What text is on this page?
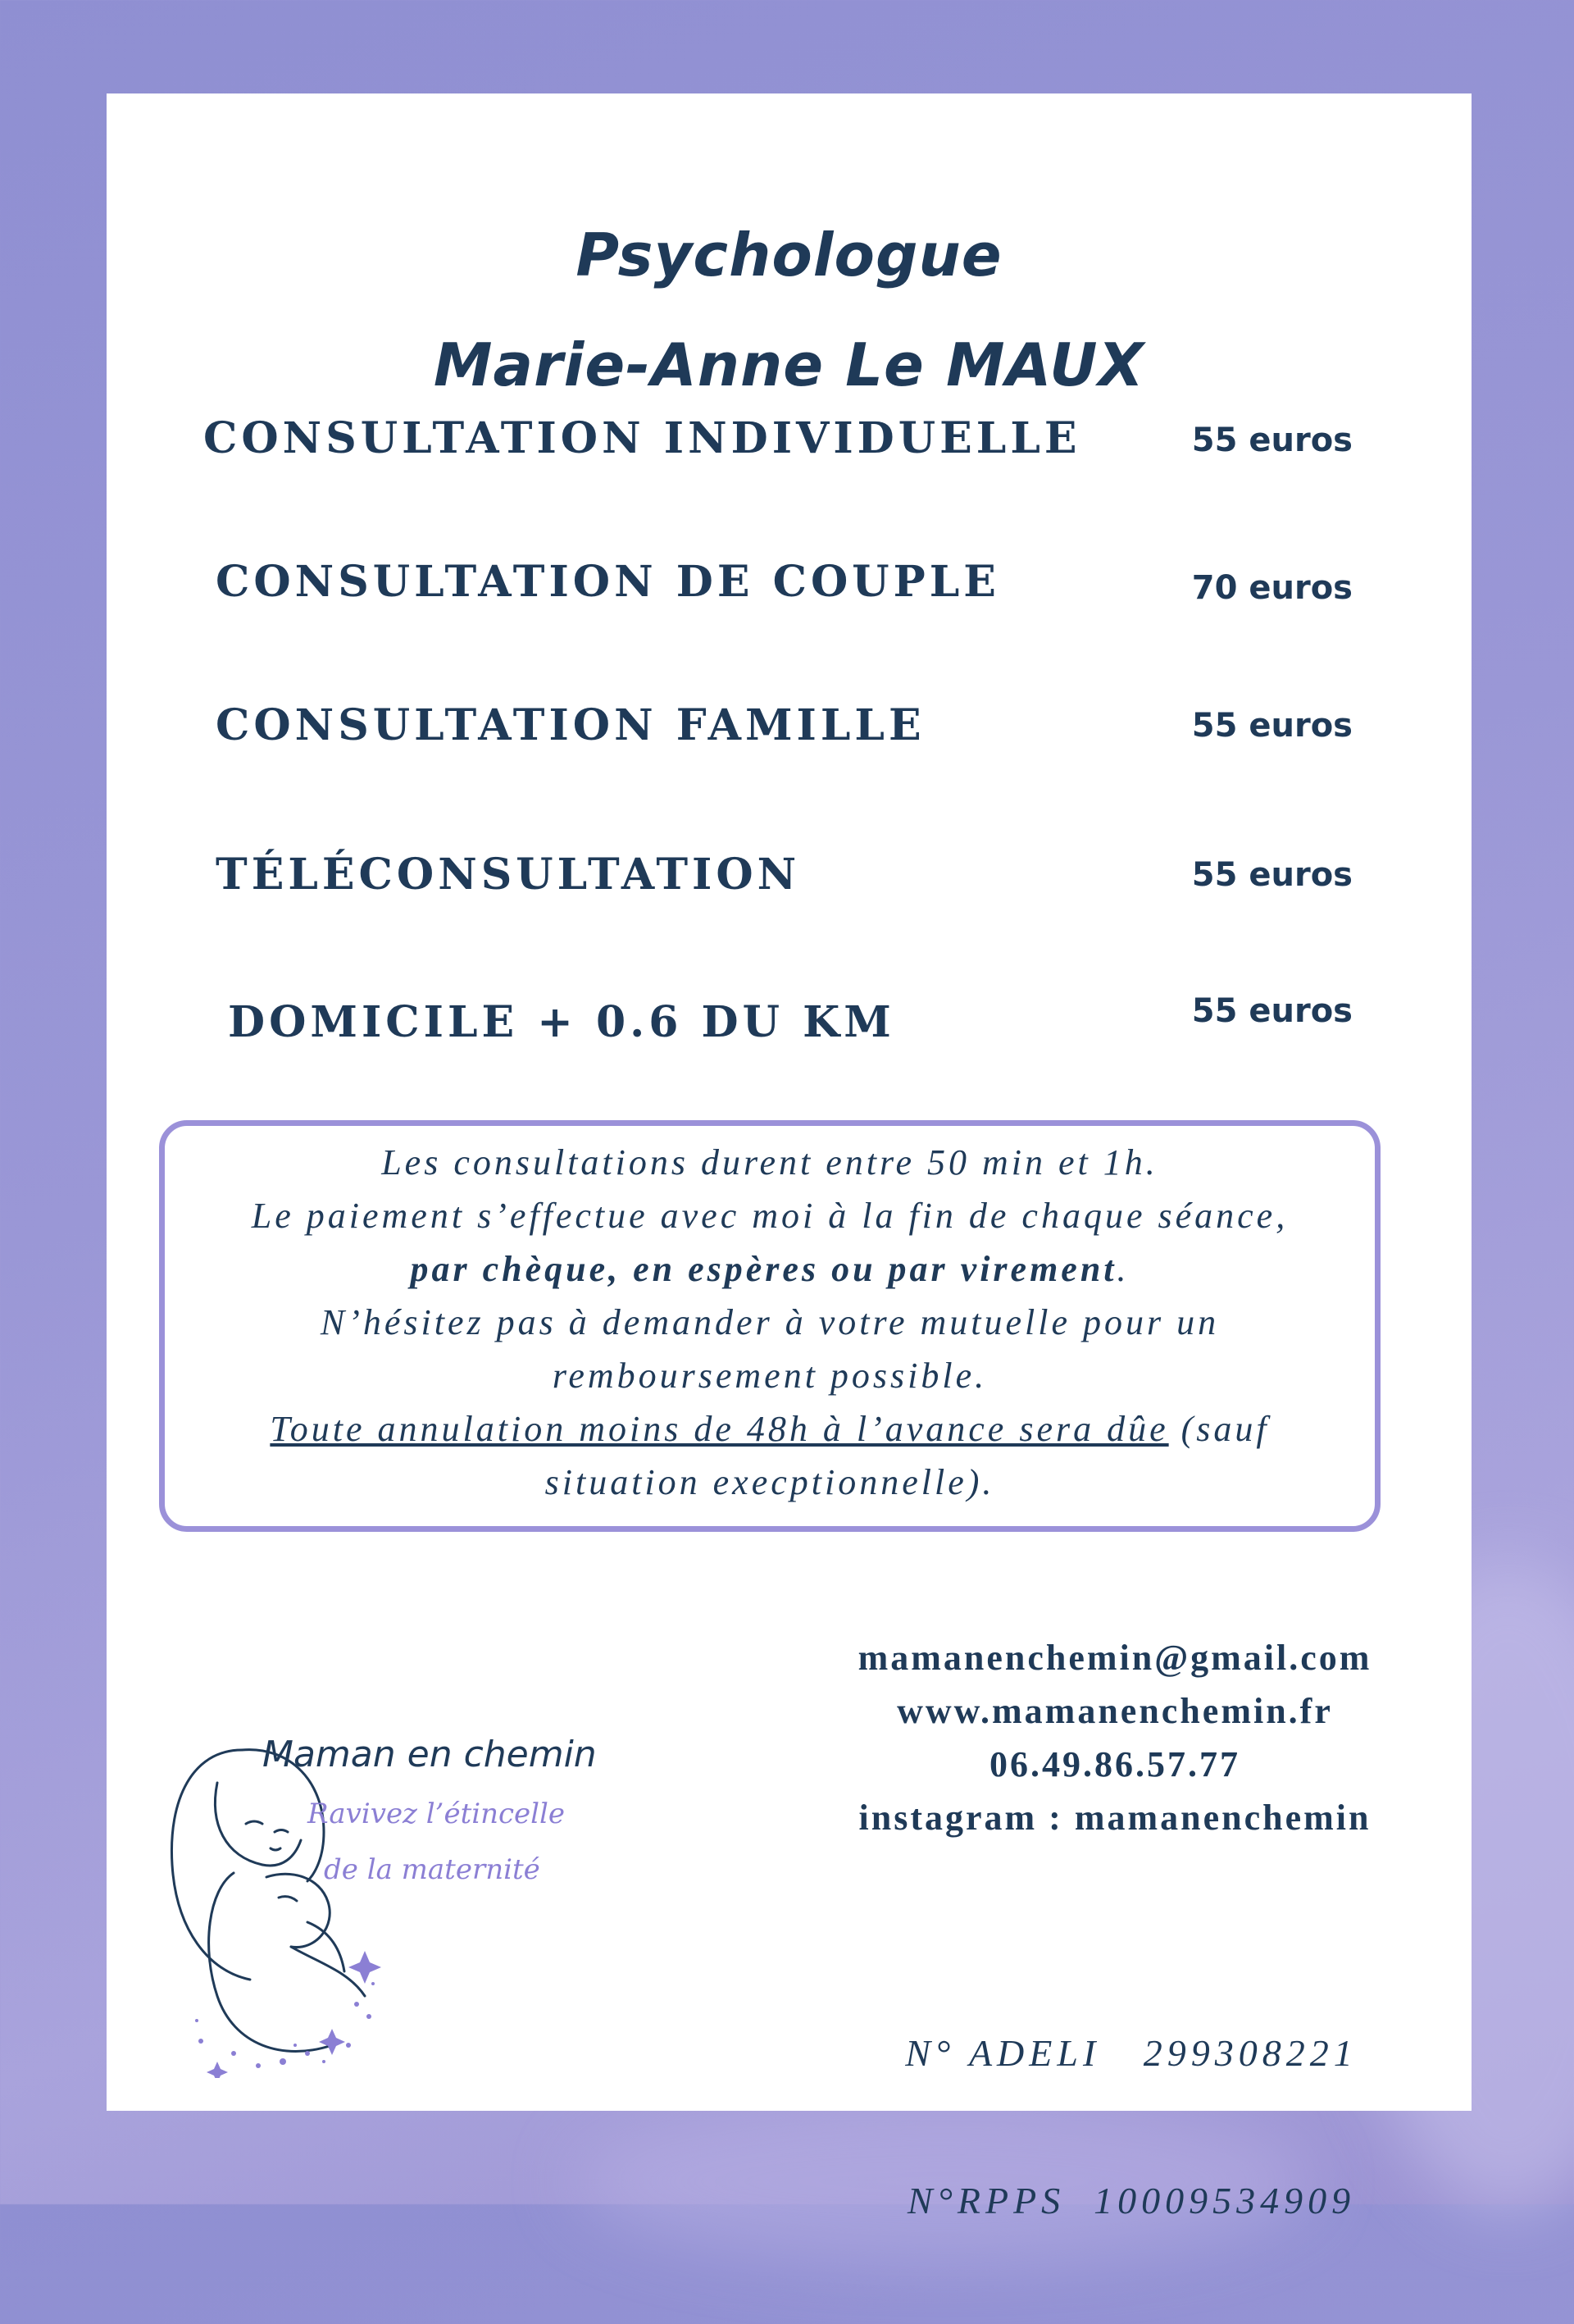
Psychologue
Marie-Anne Le MAUX
CONSULTATION INDIVIDUELLE	55 euros
CONSULTATION DE COUPLE	70 euros
CONSULTATION FAMILLE	55 euros
TÉLÉCONSULTATION	55 euros
DOMICILE + 0.6 DU KM	55 euros
Les consultations durent entre 50 min et 1h.
Le paiement s’effectue avec moi à la fin de chaque séance,
par chèque, en espères ou par virement.
N’hésitez pas à demander à votre mutuelle pour un
remboursement possible.
Toute annulation moins de 48h à l’avance sera dûe (sauf
situation execptionnelle).
Maman en chemin
Ravivez l’étincelle
de la maternité
mamanenchemin@gmail.com
www.mamanenchemin.fr
06.49.86.57.77
instagram : mamanenchemin

N° ADELI   299308221

N°RPPS  10009534909
